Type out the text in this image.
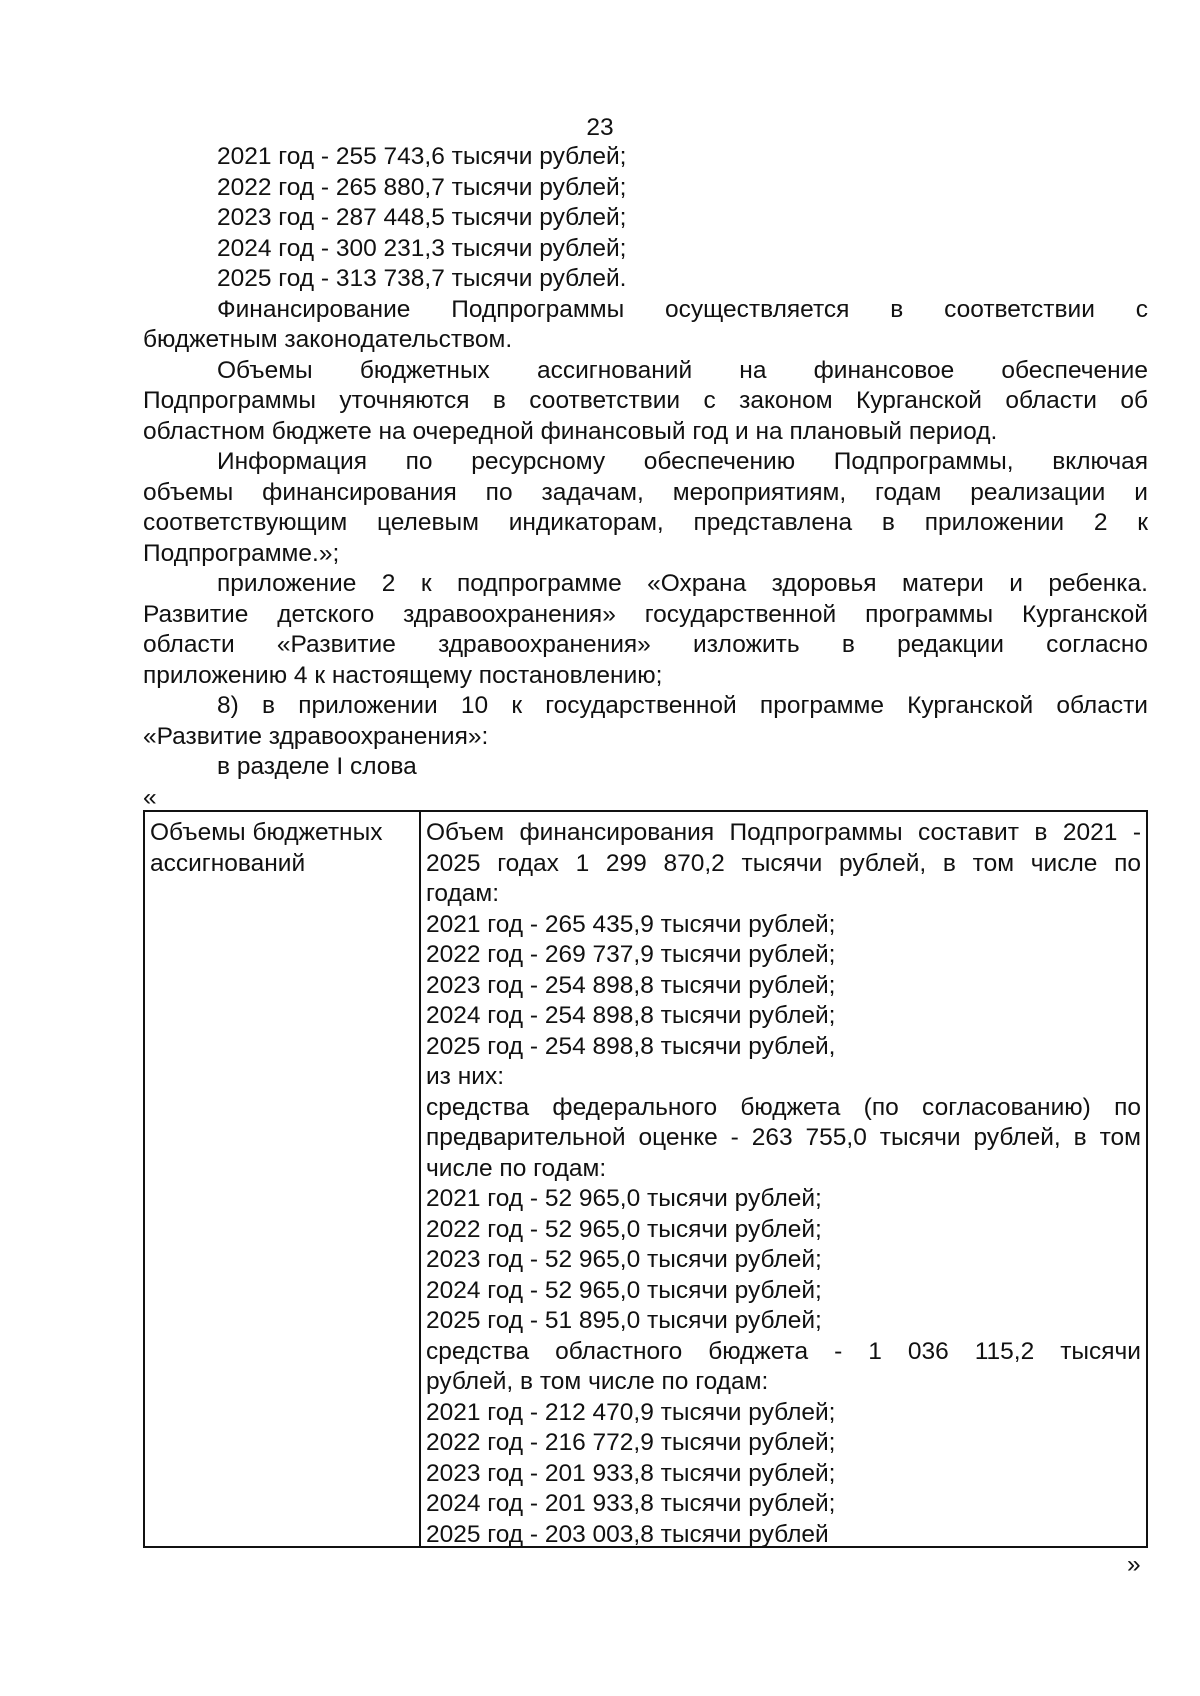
23
2021 год - 255 743,6 тысячи рублей;
2022 год - 265 880,7 тысячи рублей;
2023 год - 287 448,5 тысячи рублей;
2024 год - 300 231,3 тысячи рублей;
2025 год - 313 738,7 тысячи рублей.
Финансирование Подпрограммы осуществляется в соответствии с
бюджетным законодательством.
Объемы бюджетных ассигнований на финансовое обеспечение
Подпрограммы уточняются в соответствии с законом Курганской области об
областном бюджете на очередной финансовый год и на плановый период.
Информация по ресурсному обеспечению Подпрограммы, включая
объемы финансирования по задачам, мероприятиям, годам реализации и
соответствующим целевым индикаторам, представлена в приложении 2 к
Подпрограмме.»;
приложение 2 к подпрограмме «Охрана здоровья матери и ребенка.
Развитие детского здравоохранения» государственной программы Курганской
области «Развитие здравоохранения» изложить в редакции согласно
приложению 4 к настоящему постановлению;
8) в приложении 10 к государственной программе Курганской области
«Развитие здравоохранения»:
в разделе I слова
«
Объемы бюджетных
ассигнований
Объем финансирования Подпрограммы составит в 2021 -
2025 годах 1 299 870,2 тысячи рублей, в том числе по
годам:
2021 год - 265 435,9 тысячи рублей;
2022 год - 269 737,9 тысячи рублей;
2023 год - 254 898,8 тысячи рублей;
2024 год - 254 898,8 тысячи рублей;
2025 год - 254 898,8 тысячи рублей,
из них:
средства федерального бюджета (по согласованию) по
предварительной оценке - 263 755,0 тысячи рублей, в том
числе по годам:
2021 год - 52 965,0 тысячи рублей;
2022 год - 52 965,0 тысячи рублей;
2023 год - 52 965,0 тысячи рублей;
2024 год - 52 965,0 тысячи рублей;
2025 год - 51 895,0 тысячи рублей;
средства областного бюджета - 1 036 115,2 тысячи
рублей, в том числе по годам:
2021 год - 212 470,9 тысячи рублей;
2022 год - 216 772,9 тысячи рублей;
2023 год - 201 933,8 тысячи рублей;
2024 год - 201 933,8 тысячи рублей;
2025 год - 203 003,8 тысячи рублей
»
